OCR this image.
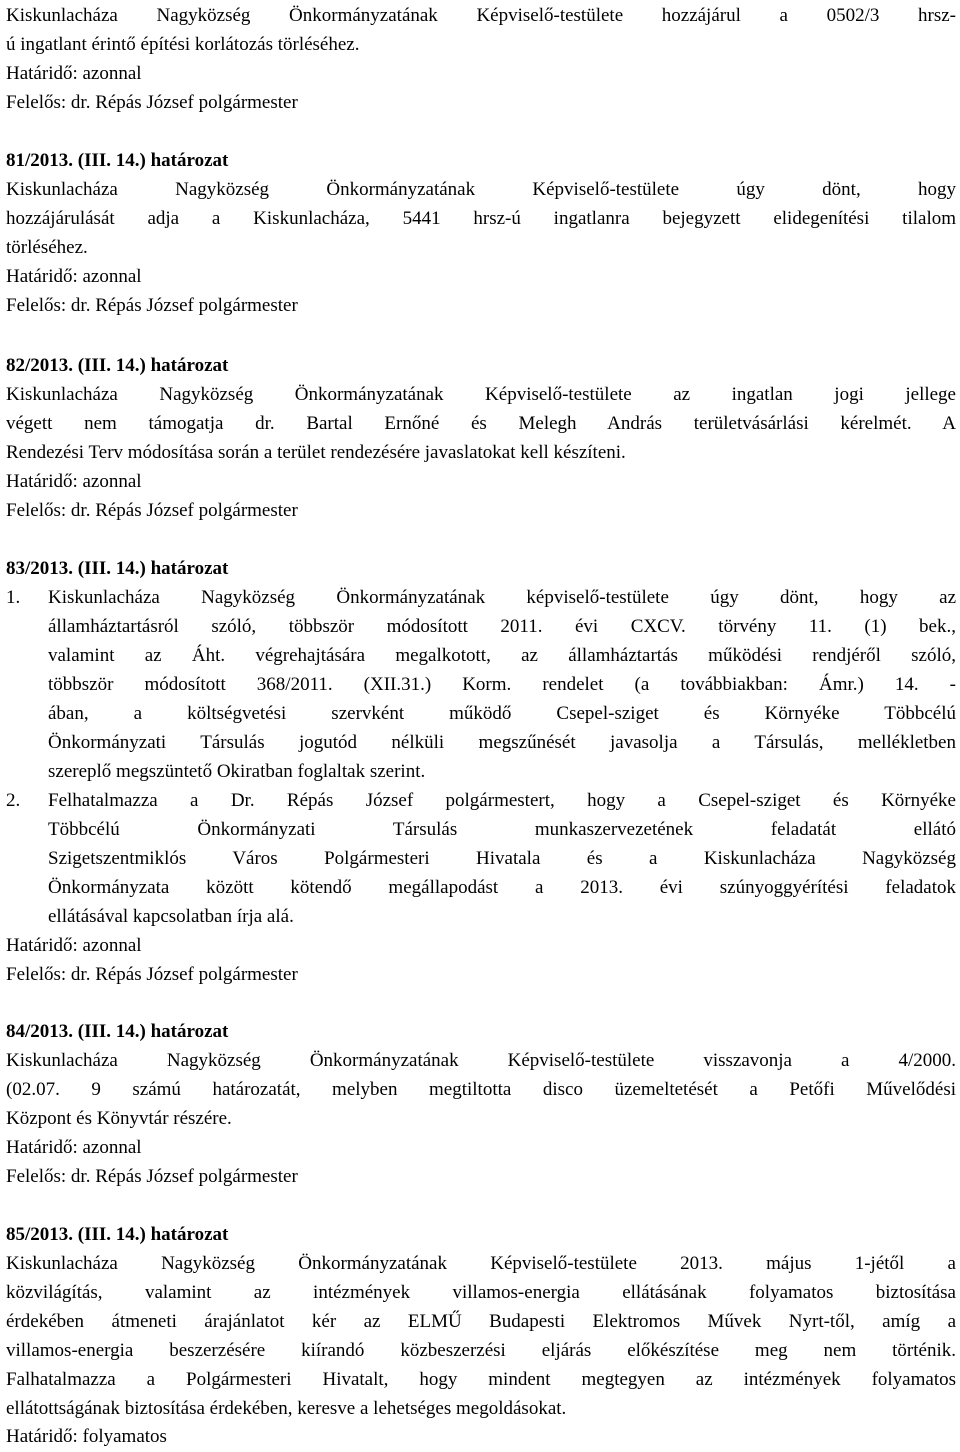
Kiskunlacháza Nagyközség Önkormányzatának Képviselő-testülete hozzájárul a 0502/3 hrsz-
ú ingatlant érintő építési korlátozás törléséhez.
Határidő: azonnal
Felelős: dr. Répás József polgármester
81/2013. (III. 14.) határozat
Kiskunlacháza Nagyközség Önkormányzatának Képviselő-testülete úgy dönt, hogy
hozzájárulását adja a Kiskunlacháza, 5441 hrsz-ú ingatlanra bejegyzett elidegenítési tilalom
törléséhez.
Határidő: azonnal
Felelős: dr. Répás József polgármester
82/2013. (III. 14.) határozat
Kiskunlacháza Nagyközség Önkormányzatának Képviselő-testülete az ingatlan jogi jellege
végett nem támogatja dr. Bartal Ernőné és Melegh András területvásárlási kérelmét. A
Rendezési Terv módosítása során a terület rendezésére javaslatokat kell készíteni.
Határidő: azonnal
Felelős: dr. Répás József polgármester
83/2013. (III. 14.) határozat
1.	Kiskunlacháza Nagyközség Önkormányzatának képviselő-testülete úgy dönt, hogy az
államháztartásról szóló, többször módosított 2011. évi CXCV. törvény 11. (1) bek.,
valamint az Áht. végrehajtására megalkotott, az államháztartás működési rendjéről szóló,
többször módosított 368/2011. (XII.31.) Korm. rendelet (a továbbiakban: Ámr.) 14. -
ában, a költségvetési szervként működő Csepel-sziget és Környéke Többcélú
Önkormányzati Társulás jogutód nélküli megszűnését javasolja a Társulás, mellékletben
szereplő megszüntető Okiratban foglaltak szerint.
2.	Felhatalmazza a Dr. Répás József polgármestert, hogy a Csepel-sziget és Környéke
Többcélú Önkormányzati Társulás munkaszervezetének feladatát ellátó
Szigetszentmiklós Város Polgármesteri Hivatala és a Kiskunlacháza Nagyközség
Önkormányzata között kötendő megállapodást a 2013. évi szúnyoggyérítési feladatok
ellátásával kapcsolatban írja alá.
Határidő: azonnal
Felelős: dr. Répás József polgármester
84/2013. (III. 14.) határozat
Kiskunlacháza Nagyközség Önkormányzatának Képviselő-testülete visszavonja a 4/2000.
(02.07. 9 számú határozatát, melyben megtiltotta disco üzemeltetését a Petőfi Művelődési
Központ és Könyvtár részére.
Határidő: azonnal
Felelős: dr. Répás József polgármester
85/2013. (III. 14.) határozat
Kiskunlacháza Nagyközség Önkormányzatának Képviselő-testülete 2013. május 1-jétől a
közvilágítás, valamint az intézmények villamos-energia ellátásának folyamatos biztosítása
érdekében átmeneti árajánlatot kér az ELMŰ Budapesti Elektromos Művek Nyrt-től, amíg a
villamos-energia beszerzésére kiírandó közbeszerzési eljárás előkészítése meg nem történik.
Falhatalmazza a Polgármesteri Hivatalt, hogy mindent megtegyen az intézmények folyamatos
ellátottságának biztosítása érdekében, keresve a lehetséges megoldásokat.
Határidő: folyamatos
